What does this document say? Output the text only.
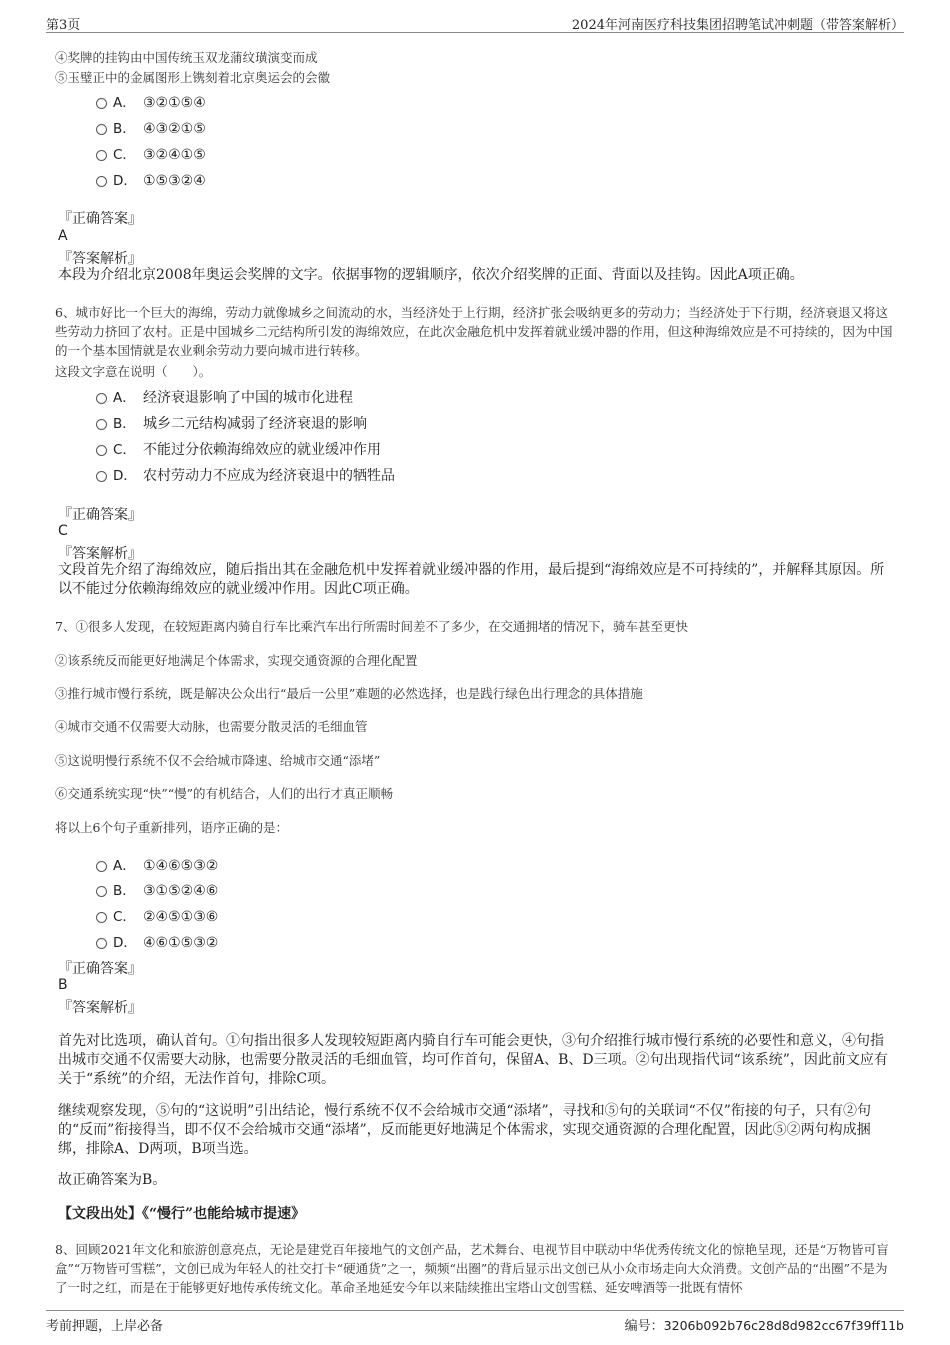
第3页	2024年河南医疗科技集团招聘笔试冲刺题（带答案解析）
④奖牌的挂钩由中国传统玉双龙蒲纹璜演变而成
⑤玉璧正中的金属图形上镌刻着北京奥运会的会徽
A． ③②①⑤④
B． ④③②①⑤
C． ③②④①⑤
D． ①⑤③②④
『正确答案』
A
『答案解析』
本段为介绍北京2008年奥运会奖牌的文字。依据事物的逻辑顺序，依次介绍奖牌的正面、背面以及挂钩。因此A项正确。
6、城市好比一个巨大的海绵，劳动力就像城乡之间流动的水，当经济处于上行期，经济扩张会吸纳更多的劳动力；当经济处于下行期，经济衰退又将这些劳动力挤回了农村。正是中国城乡二元结构所引发的海绵效应，在此次金融危机中发挥着就业缓冲器的作用，但这种海绵效应是不可持续的，因为中国的一个基本国情就是农业剩余劳动力要向城市进行转移。
这段文字意在说明（　　）。
A． 经济衰退影响了中国的城市化进程
B． 城乡二元结构减弱了经济衰退的影响
C． 不能过分依赖海绵效应的就业缓冲作用
D． 农村劳动力不应成为经济衰退中的牺牲品
『正确答案』
C
『答案解析』
文段首先介绍了海绵效应，随后指出其在金融危机中发挥着就业缓冲器的作用，最后提到“海绵效应是不可持续的”，并解释其原因。所以不能过分依赖海绵效应的就业缓冲作用。因此C项正确。
7、①很多人发现，在较短距离内骑自行车比乘汽车出行所需时间差不了多少，在交通拥堵的情况下，骑车甚至更快
②该系统反而能更好地满足个体需求，实现交通资源的合理化配置
③推行城市慢行系统，既是解决公众出行“最后一公里”难题的必然选择，也是践行绿色出行理念的具体措施
④城市交通不仅需要大动脉，也需要分散灵活的毛细血管
⑤这说明慢行系统不仅不会给城市降速、给城市交通“添堵”
⑥交通系统实现“快”“慢”的有机结合，人们的出行才真正顺畅
将以上6个句子重新排列，语序正确的是：
A． ①④⑥⑤③②
B． ③①⑤②④⑥
C． ②④⑤①③⑥
D． ④⑥①⑤③②
『正确答案』
B
『答案解析』
首先对比选项，确认首句。①句指出很多人发现较短距离内骑自行车可能会更快，③句介绍推行城市慢行系统的必要性和意义，④句指出城市交通不仅需要大动脉，也需要分散灵活的毛细血管，均可作首句，保留A、B、D三项。②句出现指代词“该系统”，因此前文应有关于“系统”的介绍，无法作首句，排除C项。
继续观察发现，⑤句的“这说明”引出结论，慢行系统不仅不会给城市交通“添堵”，寻找和⑤句的关联词“不仅”衔接的句子，只有②句的“反而”衔接得当，即不仅不会给城市交通“添堵”，反而能更好地满足个体需求，实现交通资源的合理化配置，因此⑤②两句构成捆绑，排除A、D两项，B项当选。
故正确答案为B。
【文段出处】《“慢行”也能给城市提速》
8、回顾2021年文化和旅游创意亮点，无论是建党百年接地气的文创产品，艺术舞台、电视节目中联动中华优秀传统文化的惊艳呈现，还是“万物皆可盲盒”“万物皆可雪糕”，文创已成为年轻人的社交打卡“硬通货”之一，频频“出圈”的背后显示出文创已从小众市场走向大众消费。文创产品的“出圈”不是为了一时之红，而是在于能够更好地传承传统文化。革命圣地延安今年以来陆续推出宝塔山文创雪糕、延安啤酒等一批既有情怀
考前押题，上岸必备	编号：3206b092b76c28d8d982cc67f39ff11b
